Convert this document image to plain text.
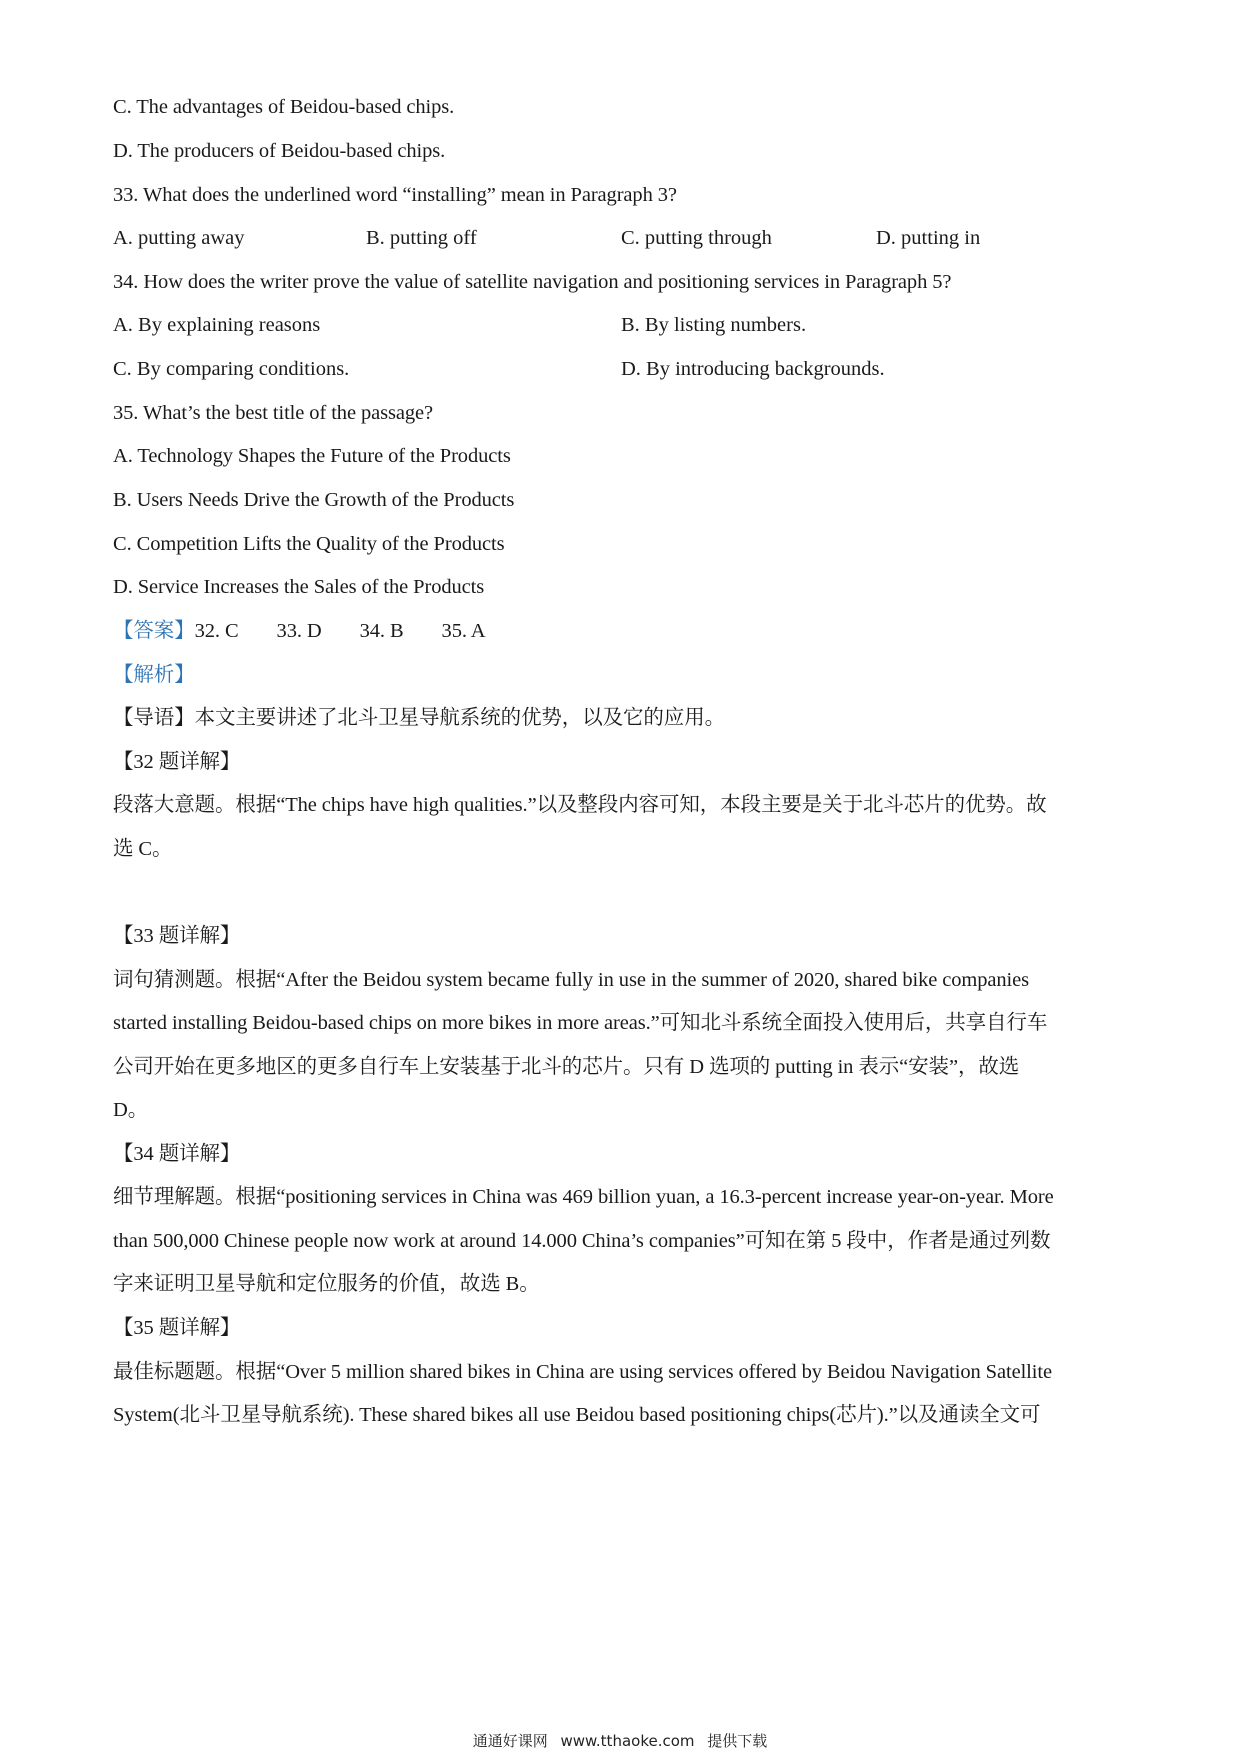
C. The advantages of Beidou-based chips.
D. The producers of Beidou-based chips.
33. What does the underlined word “installing” mean in Paragraph 3?
A. putting away	B. putting off	C. putting through	D. putting in
34. How does the writer prove the value of satellite navigation and positioning services in Paragraph 5?
A. By explaining reasons	B. By listing numbers.
C. By comparing conditions.	D. By introducing backgrounds.
35. What’s the best title of the passage?
A. Technology Shapes the Future of the Products
B. Users Needs Drive the Growth of the Products
C. Competition Lifts the Quality of the Products
D. Service Increases the Sales of the Products
【答案】32. C 33. D 34. B 35. A
【解析】
【导语】本文主要讲述了北斗卫星导航系统的优势，以及它的应用。
【32 题详解】
段落大意题。根据“The chips have high qualities.”以及整段内容可知，本段主要是关于北斗芯片的优势。故
选 C。
【33 题详解】
词句猜测题。根据“After the Beidou system became fully in use in the summer of 2020, shared bike companies
started installing Beidou-based chips on more bikes in more areas.”可知北斗系统全面投入使用后，共享自行车
公司开始在更多地区的更多自行车上安装基于北斗的芯片。只有 D 选项的 putting in 表示“安装”，故选
D。
【34 题详解】
细节理解题。根据“positioning services in China was 469 billion yuan, a 16.3-percent increase year-on-year. More
than 500,000 Chinese people now work at around 14.000 China’s companies”可知在第 5 段中，作者是通过列数
字来证明卫星导航和定位服务的价值，故选 B。
【35 题详解】
最佳标题题。根据“Over 5 million shared bikes in China are using services offered by Beidou Navigation Satellite
System(北斗卫星导航系统). These shared bikes all use Beidou based positioning chips(芯片).”以及通读全文可
通通好课网 www.tthaoke.com 提供下载
